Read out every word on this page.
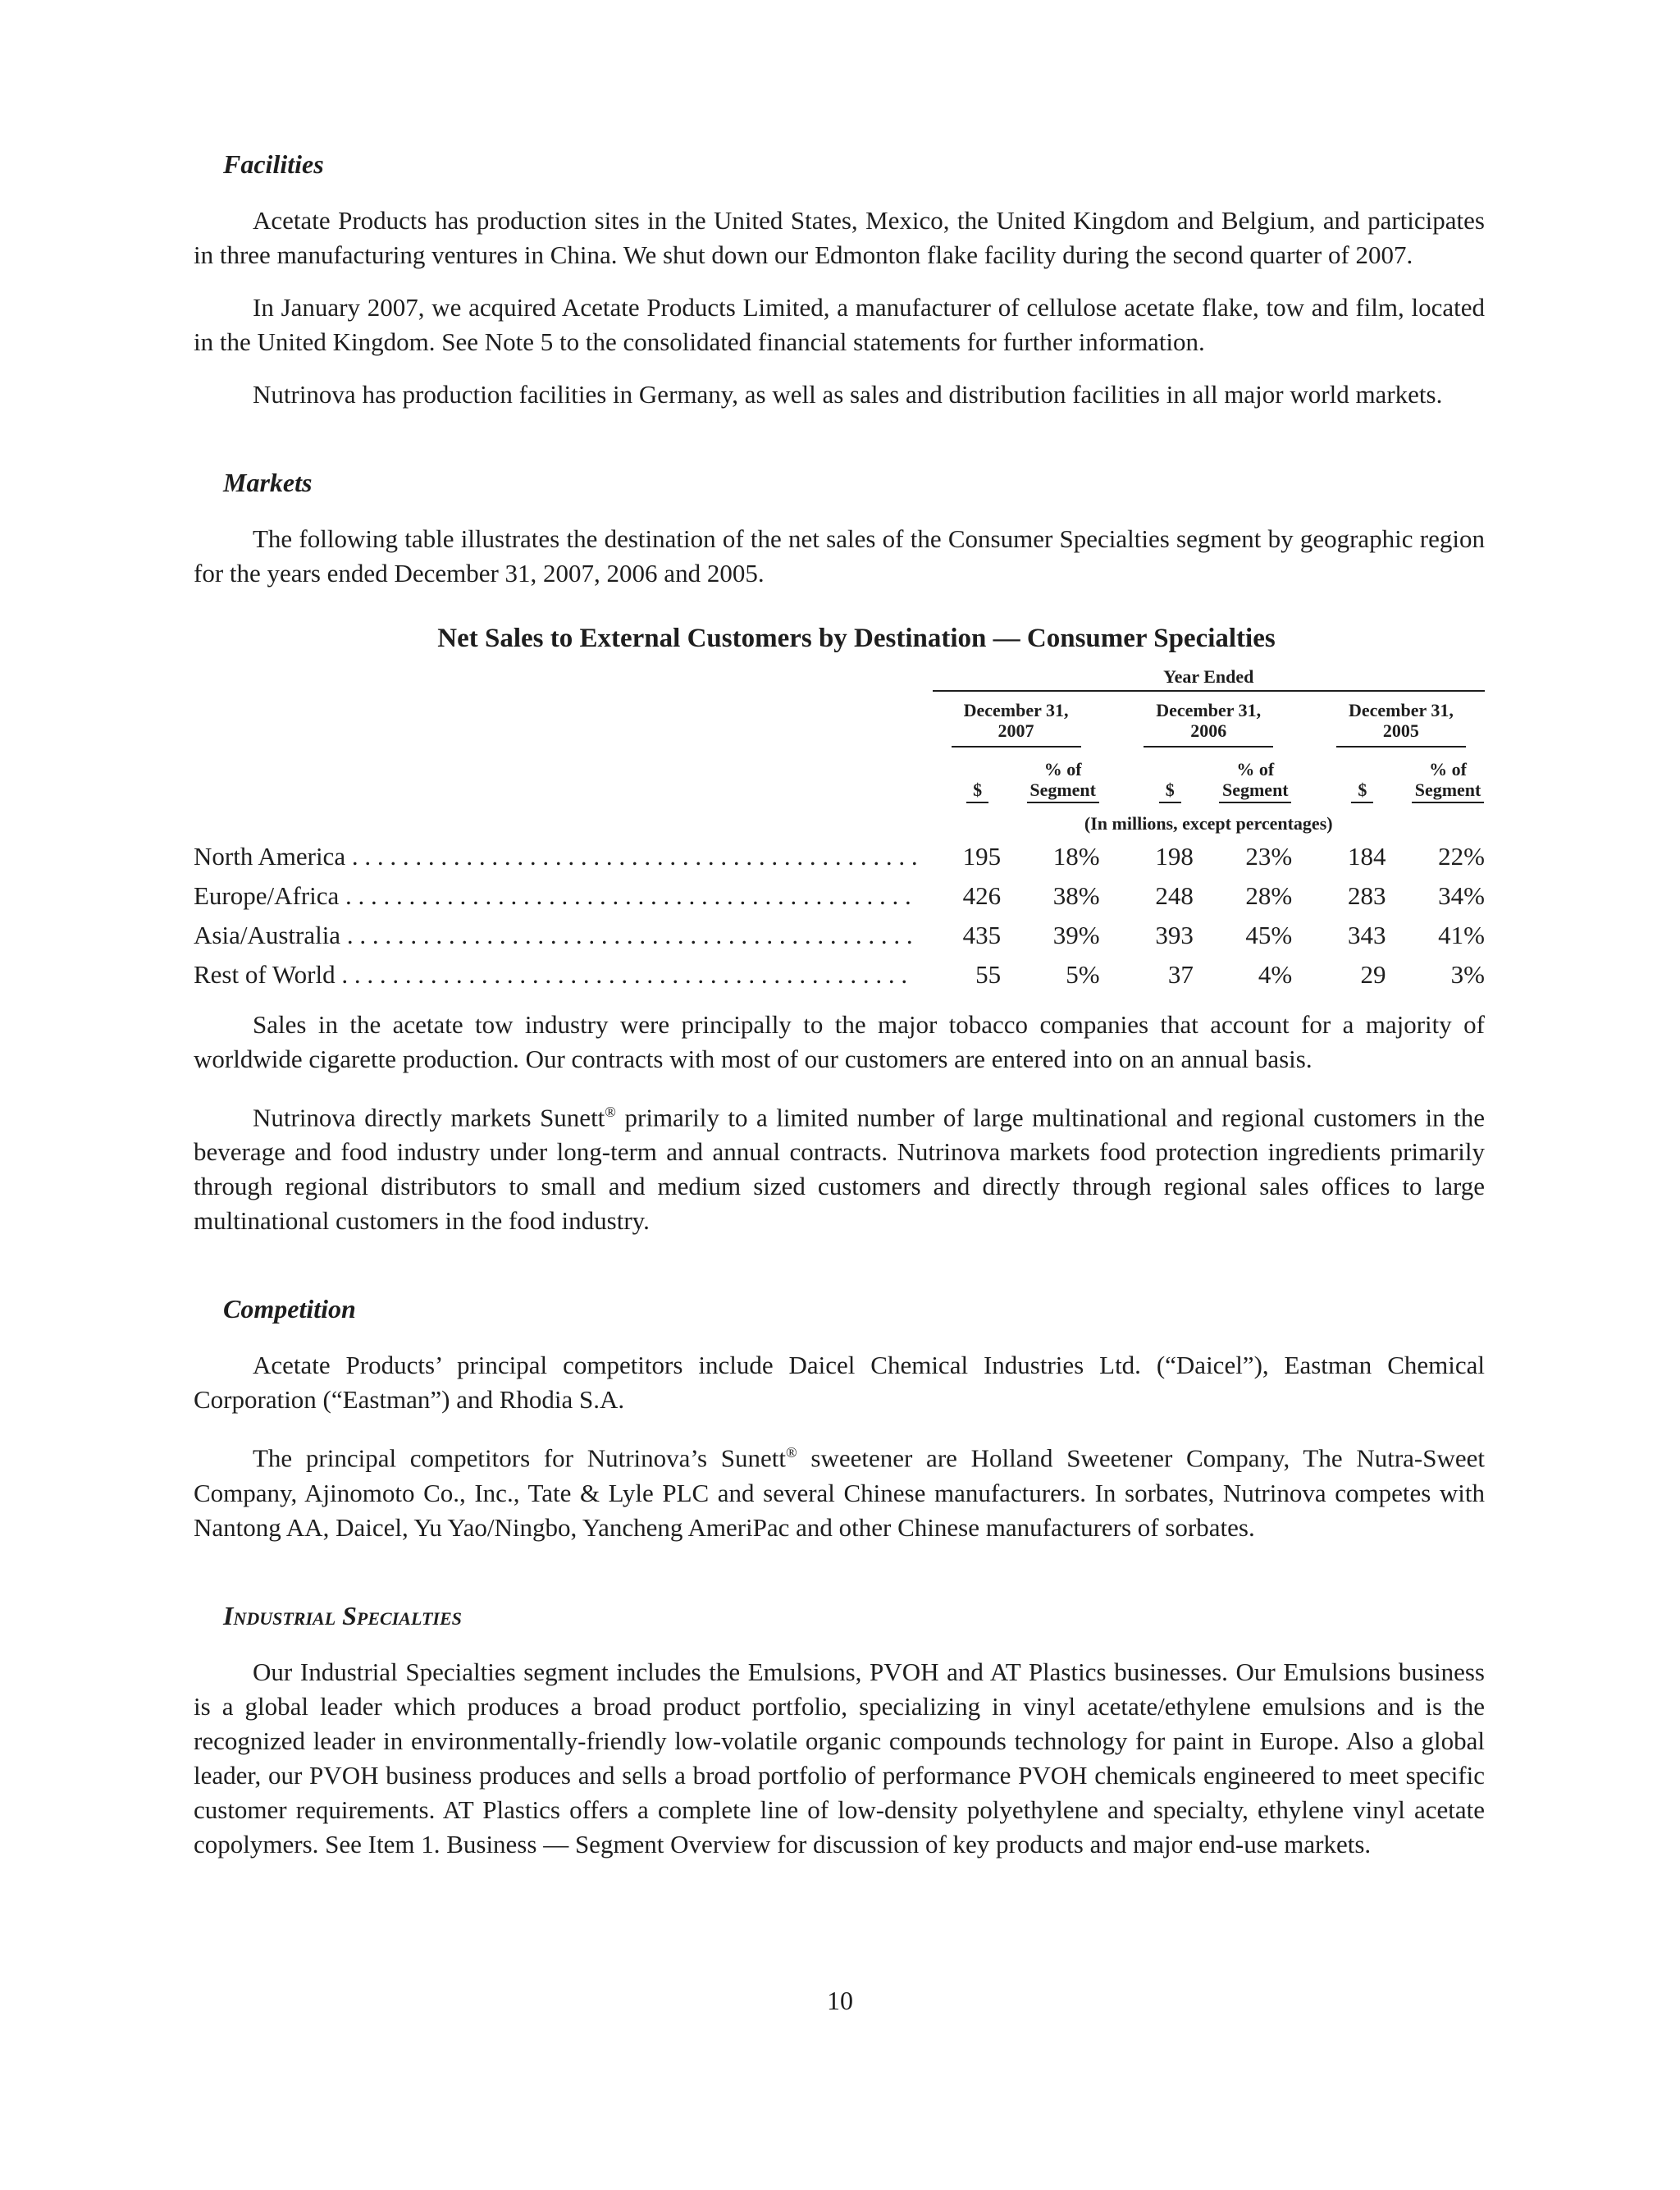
Facilities

Acetate Products has production sites in the United States, Mexico, the United Kingdom and Belgium, and participates in three manufacturing ventures in China. We shut down our Edmonton flake facility during the second quarter of 2007.

In January 2007, we acquired Acetate Products Limited, a manufacturer of cellulose acetate flake, tow and film, located in the United Kingdom. See Note 5 to the consolidated financial statements for further information.

Nutrinova has production facilities in Germany, as well as sales and distribution facilities in all major world markets.

Markets

The following table illustrates the destination of the net sales of the Consumer Specialties segment by geographic region for the years ended December 31, 2007, 2006 and 2005.

Net Sales to External Customers by Destination — Consumer Specialties
	Year Ended													
	December 31, 2007					December 31, 2006					December 31, 2005			
		$		% of Segment			$		% of Segment			$		% of Segment
	(In millions, except percentages)													
North America . . . . . . . . . . . . . . . . . . . . . . . . . . . . . . . . . . . . . . . . . . . . .		195		18%			198		23%			184		22%
Europe/Africa . . . . . . . . . . . . . . . . . . . . . . . . . . . . . . . . . . . . . . . . . . . . .		426		38%			248		28%			283		34%
Asia/Australia . . . . . . . . . . . . . . . . . . . . . . . . . . . . . . . . . . . . . . . . . . . . .		435		39%			393		45%			343		41%
Rest of World . . . . . . . . . . . . . . . . . . . . . . . . . . . . . . . . . . . . . . . . . . . . .		55		5%			37		4%			29		3%

Sales in the acetate tow industry were principally to the major tobacco companies that account for a majority of worldwide cigarette production. Our contracts with most of our customers are entered into on an annual basis.

Nutrinova directly markets Sunett® primarily to a limited number of large multinational and regional customers in the beverage and food industry under long-term and annual contracts. Nutrinova markets food protection ingredients primarily through regional distributors to small and medium sized customers and directly through regional sales offices to large multinational customers in the food industry.

Competition

Acetate Products’ principal competitors include Daicel Chemical Industries Ltd. (“Daicel”), Eastman Chemical Corporation (“Eastman”) and Rhodia S.A.

The principal competitors for Nutrinova’s Sunett® sweetener are Holland Sweetener Company, The Nutra-Sweet Company, Ajinomoto Co., Inc., Tate & Lyle PLC and several Chinese manufacturers. In sorbates, Nutrinova competes with Nantong AA, Daicel, Yu Yao/Ningbo, Yancheng AmeriPac and other Chinese manufacturers of sorbates.

Industrial Specialties

Our Industrial Specialties segment includes the Emulsions, PVOH and AT Plastics businesses. Our Emulsions business is a global leader which produces a broad product portfolio, specializing in vinyl acetate/ethylene emulsions and is the recognized leader in environmentally-friendly low-volatile organic compounds technology for paint in Europe. Also a global leader, our PVOH business produces and sells a broad portfolio of performance PVOH chemicals engineered to meet specific customer requirements. AT Plastics offers a complete line of low-density polyethylene and specialty, ethylene vinyl acetate copolymers. See Item 1. Business — Segment Overview for discussion of key products and major end-use markets.

10
